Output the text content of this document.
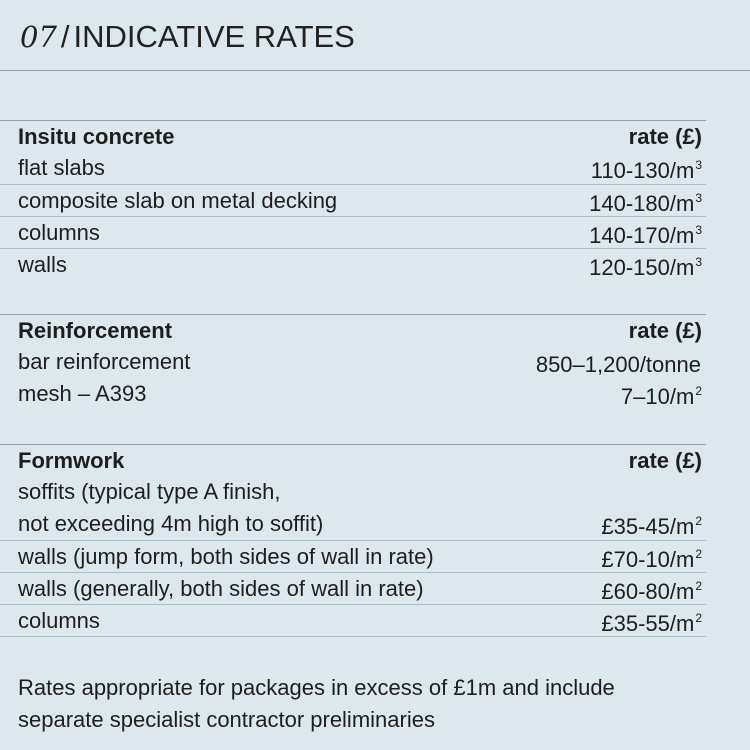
07 / INDICATIVE RATES
Insitu concrete	rate (£)
flat slabs	$110-130/m^3$
composite slab on metal decking	$140-180/m^3$
columns	$140-170/m^3$
walls	$120-150/m^3$
Reinforcement	rate (£)
bar reinforcement	850–1,200/tonne
mesh – A393	$7-10/m^2$
Formwork	rate (£)
soffits (typical type A finish,
not exceeding 4m high to soffit)	$£35-45/m^2$
walls (jump form, both sides of wall in rate)	$£70-10/m^2$
walls (generally, both sides of wall in rate)	$£60-80/m^2$
columns	$£35-55/m^2$
Rates appropriate for packages in excess of £1m and include
separate specialist contractor preliminaries
